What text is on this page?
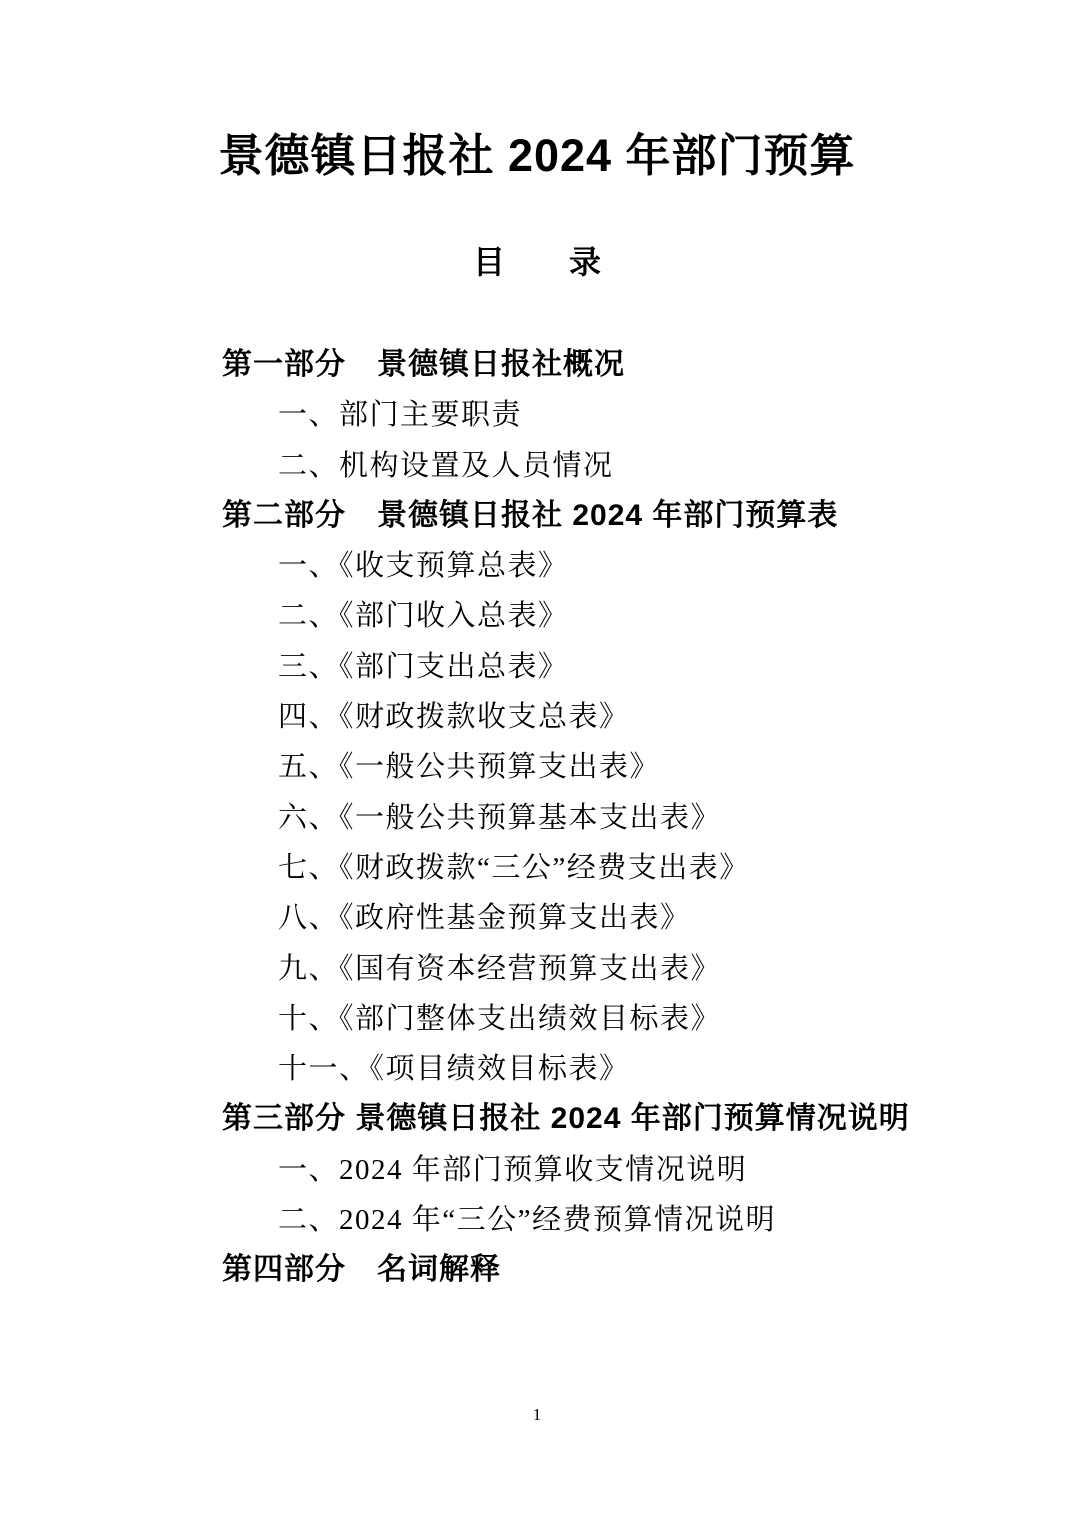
景德镇日报社 2024 年部门预算
目　　录
第一部分　景德镇日报社概况
一、部门主要职责
二、机构设置及人员情况
第二部分　景德镇日报社 2024 年部门预算表
一、《收支预算总表》
二、《部门收入总表》
三、《部门支出总表》
四、《财政拨款收支总表》
五、《一般公共预算支出表》
六、《一般公共预算基本支出表》
七、《财政拨款“三公”经费支出表》
八、《政府性基金预算支出表》
九、《国有资本经营预算支出表》
十、《部门整体支出绩效目标表》
十一、《项目绩效目标表》
第三部分 景德镇日报社 2024 年部门预算情况说明
一、2024 年部门预算收支情况说明
二、2024 年“三公”经费预算情况说明
第四部分　名词解释
1
